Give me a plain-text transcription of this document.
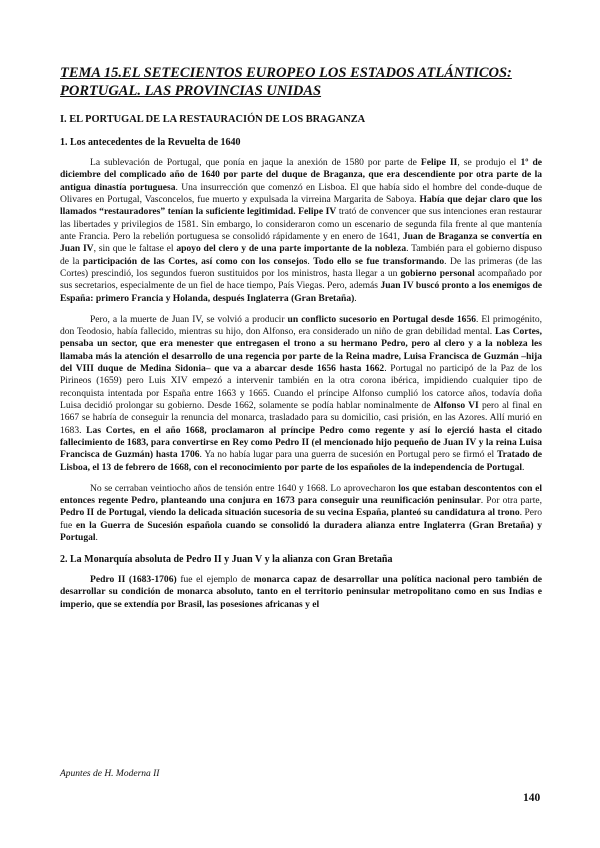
TEMA 15.EL SETECIENTOS EUROPEO LOS ESTADOS ATLÁNTICOS: PORTUGAL. LAS PROVINCIAS UNIDAS
I. EL PORTUGAL DE LA RESTAURACIÓN DE LOS BRAGANZA
1. Los antecedentes de la Revuelta de 1640
La sublevación de Portugal, que ponía en jaque la anexión de 1580 por parte de Felipe II, se produjo el 1º de diciembre del complicado año de 1640 por parte del duque de Braganza, que era descendiente por otra parte de la antigua dinastía portuguesa. Una insurrección que comenzó en Lisboa. El que había sido el hombre del conde-duque de Olivares en Portugal, Vasconcelos, fue muerto y expulsada la virreina Margarita de Saboya. Había que dejar claro que los llamados “restauradores” tenían la suficiente legitimidad. Felipe IV trató de convencer que sus intenciones eran restaurar las libertades y privilegios de 1581. Sin embargo, lo consideraron como un escenario de segunda fila frente al que mantenía ante Francia. Pero la rebelión portuguesa se consolidó rápidamente y en enero de 1641, Juan de Braganza se convertía en Juan IV, sin que le faltase el apoyo del clero y de una parte importante de la nobleza. También para el gobierno dispuso de la participación de las Cortes, así como con los consejos. Todo ello se fue transformando. De las primeras (de las Cortes) prescindió, los segundos fueron sustituidos por los ministros, hasta llegar a un gobierno personal acompañado por sus secretarios, especialmente de un fiel de hace tiempo, País Viegas. Pero, además Juan IV buscó pronto a los enemigos de España: primero Francia y Holanda, después Inglaterra (Gran Bretaña).
Pero, a la muerte de Juan IV, se volvió a producir un conflicto sucesorio en Portugal desde 1656. El primogénito, don Teodosio, había fallecido, mientras su hijo, don Alfonso, era considerado un niño de gran debilidad mental. Las Cortes, pensaba un sector, que era menester que entregasen el trono a su hermano Pedro, pero al clero y a la nobleza les llamaba más la atención el desarrollo de una regencia por parte de la Reina madre, Luisa Francisca de Guzmán –hija del VIII duque de Medina Sidonia– que va a abarcar desde 1656 hasta 1662. Portugal no participó de la Paz de los Pirineos (1659) pero Luis XIV empezó a intervenir también en la otra corona ibérica, impidiendo cualquier tipo de reconquista intentada por España entre 1663 y 1665. Cuando el príncipe Alfonso cumplió los catorce años, todavía doña Luisa decidió prolongar su gobierno. Desde 1662, solamente se podía hablar nominalmente de Alfonso VI pero al final en 1667 se habría de conseguir la renuncia del monarca, trasladado para su domicilio, casi prisión, en las Azores. Allí murió en 1683. Las Cortes, en el año 1668, proclamaron al príncipe Pedro como regente y así lo ejerció hasta el citado fallecimiento de 1683, para convertirse en Rey como Pedro II (el mencionado hijo pequeño de Juan IV y la reina Luisa Francisca de Guzmán) hasta 1706. Ya no había lugar para una guerra de sucesión en Portugal pero se firmó el Tratado de Lisboa, el 13 de febrero de 1668, con el reconocimiento por parte de los españoles de la independencia de Portugal.
No se cerraban veintiocho años de tensión entre 1640 y 1668. Lo aprovecharon los que estaban descontentos con el entonces regente Pedro, planteando una conjura en 1673 para conseguir una reunificación peninsular. Por otra parte, Pedro II de Portugal, viendo la delicada situación sucesoria de su vecina España, planteó su candidatura al trono. Pero fue en la Guerra de Sucesión española cuando se consolidó la duradera alianza entre Inglaterra (Gran Bretaña) y Portugal.
2. La Monarquía absoluta de Pedro II y Juan V y la alianza con Gran Bretaña
Pedro II (1683-1706) fue el ejemplo de monarca capaz de desarrollar una política nacional pero también de desarrollar su condición de monarca absoluto, tanto en el territorio peninsular metropolitano como en sus Indias e imperio, que se extendía por Brasil, las posesiones africanas y el
Apuntes de H. Moderna II
140
